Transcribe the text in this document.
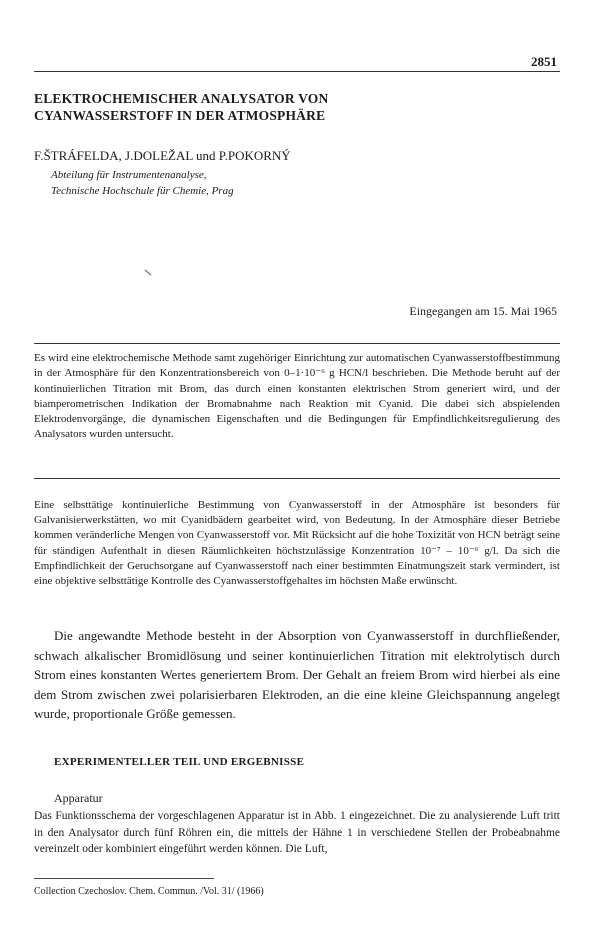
2851
ELEKTROCHEMISCHER ANALYSATOR VON
CYANWASSERSTOFF IN DER ATMOSPHÄRE
F.ŠTRÁFELDA, J.DOLEŽAL und P.POKORNÝ
Abteilung für Instrumentenanalyse,
Technische Hochschule für Chemie, Prag
Eingegangen am 15. Mai 1965
Es wird eine elektrochemische Methode samt zugehöriger Einrichtung zur automatischen Cyanwasserstoffbestimmung in der Atmosphäre für den Konzentrationsbereich von 0–1·10⁻⁶ g HCN/l beschrieben. Die Methode beruht auf der kontinuierlichen Titration mit Brom, das durch einen konstanten elektrischen Strom generiert wird, und der biamperometrischen Indikation der Bromabnahme nach Reaktion mit Cyanid. Die dabei sich abspielenden Elektrodenvorgänge, die dynamischen Eigenschaften und die Bedingungen für Empfindlichkeitsregulierung des Analysators wurden untersucht.
Eine selbsttätige kontinuierliche Bestimmung von Cyanwasserstoff in der Atmosphäre ist besonders für Galvanisierwerkstätten, wo mit Cyanidbädern gearbeitet wird, von Bedeutung. In der Atmosphäre dieser Betriebe kommen veränderliche Mengen von Cyanwasserstoff vor. Mit Rücksicht auf die hohe Toxizität von HCN beträgt seine für ständigen Aufenthalt in diesen Räumlichkeiten höchstzulässige Konzentration 10⁻⁷ – 10⁻⁶ g/l. Da sich die Empfindlichkeit der Geruchsorgane auf Cyanwasserstoff nach einer bestimmten Einatmungszeit stark vermindert, ist eine objektive selbsttätige Kontrolle des Cyanwasserstoffgehaltes im höchsten Maße erwünscht.
Die angewandte Methode besteht in der Absorption von Cyanwasserstoff in durchfließender, schwach alkalischer Bromidlösung und seiner kontinuierlichen Titration mit elektrolytisch durch Strom eines konstanten Wertes generiertem Brom. Der Gehalt an freiem Brom wird hierbei als eine dem Strom zwischen zwei polarisierbaren Elektroden, an die eine kleine Gleichspannung angelegt wurde, proportionale Größe gemessen.
EXPERIMENTELLER TEIL UND ERGEBNISSE
Apparatur
Das Funktionsschema der vorgeschlagenen Apparatur ist in Abb. 1 eingezeichnet. Die zu analysierende Luft tritt in den Analysator durch fünf Röhren ein, die mittels der Hähne 1 in verschiedene Stellen der Probeabnahme vereinzelt oder kombiniert eingeführt werden können. Die Luft,
Collection Czechoslov. Chem. Commun. /Vol. 31/ (1966)
